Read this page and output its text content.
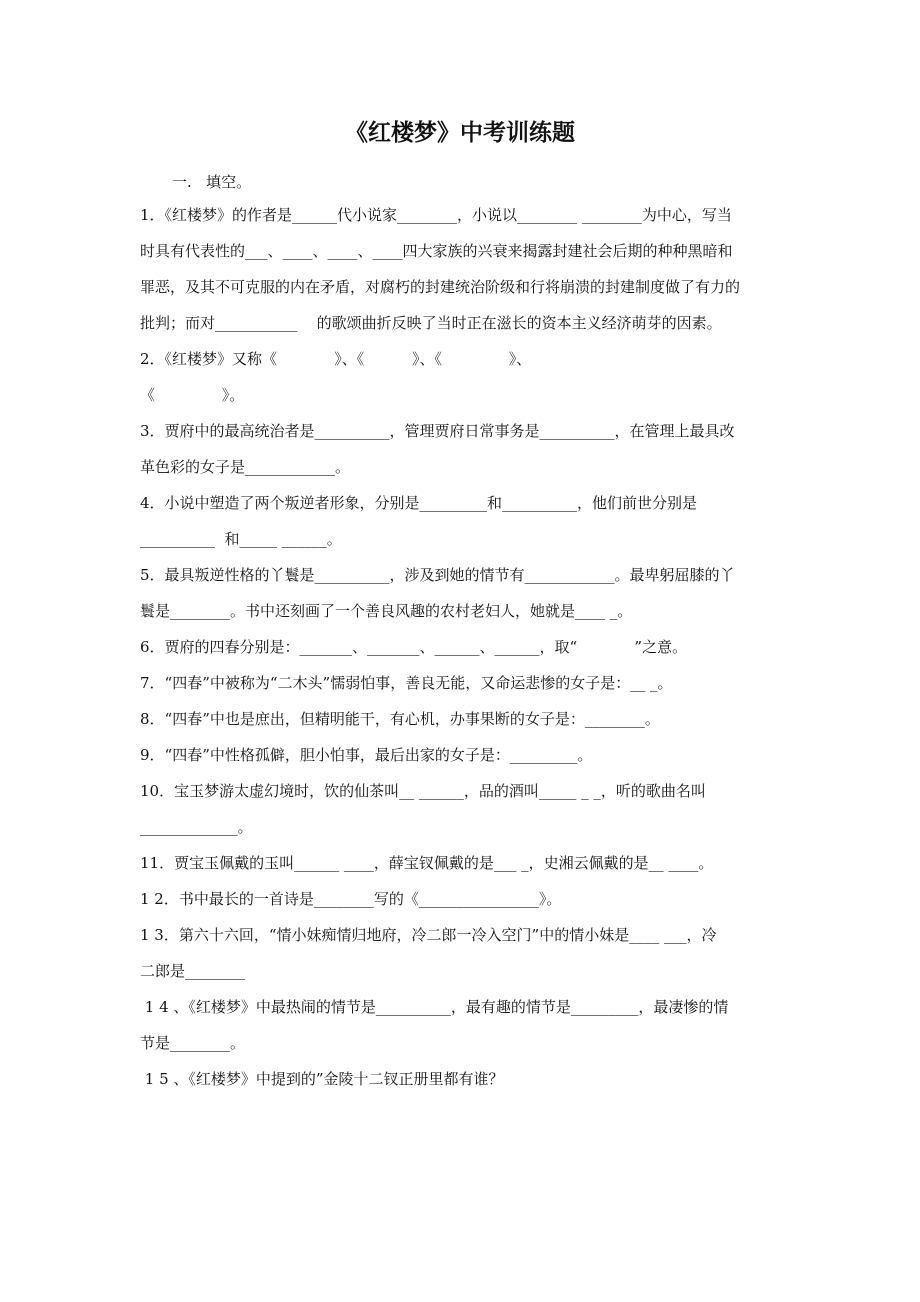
《红楼梦》中考训练题
一.   填空。
1．《红楼梦》的作者是______代小说家________，小说以________ ________为中心，写当
时具有代表性的___、____、____、____四大家族的兴衰来揭露封建社会后期的种种黑暗和
罪恶，及其不可克服的内在矛盾，对腐朽的封建统治阶级和行将崩溃的封建制度做了有力的
批判；而对___________    的歌颂曲折反映了当时正在滋长的资本主义经济萌芽的因素。
2．《红楼梦》又称《            》、《          》、《              》、
《              》。
3．贾府中的最高统治者是__________，管理贾府日常事务是__________，在管理上最具改
革色彩的女子是____________。
4．小说中塑造了两个叛逆者形象，分别是_________和__________，他们前世分别是
__________  和_____ ______。
5．最具叛逆性格的丫鬟是__________，涉及到她的情节有____________。最卑躬屈膝的丫
鬟是________。书中还刻画了一个善良风趣的农村老妇人，她就是____ _。
6．贾府的四春分别是：_______、_______、______、______，取“            ”之意。
7．“四春”中被称为“二木头”懦弱怕事，善良无能，又命运悲惨的女子是：__ _。
8．“四春”中也是庶出，但精明能干，有心机，办事果断的女子是：________。
9．“四春”中性格孤僻，胆小怕事，最后出家的女子是：_________。
10．宝玉梦游太虚幻境时，饮的仙茶叫__ ______，品的酒叫_____ _ _，听的歌曲名叫
_____________。
11．贾宝玉佩戴的玉叫______ ____，薛宝钗佩戴的是___ _，史湘云佩戴的是__ ____。
1 2．书中最长的一首诗是________写的《________________》。
1 3．第六十六回，“情小妹痴情归地府，冷二郎一冷入空门”中的情小妹是____ ___，冷
二郎是________
1 4 、《红楼梦》中最热闹的情节是__________，最有趣的情节是_________，最凄惨的情
节是________。
1 5 、《红楼梦》中提到的”金陵十二钗正册里都有谁？
